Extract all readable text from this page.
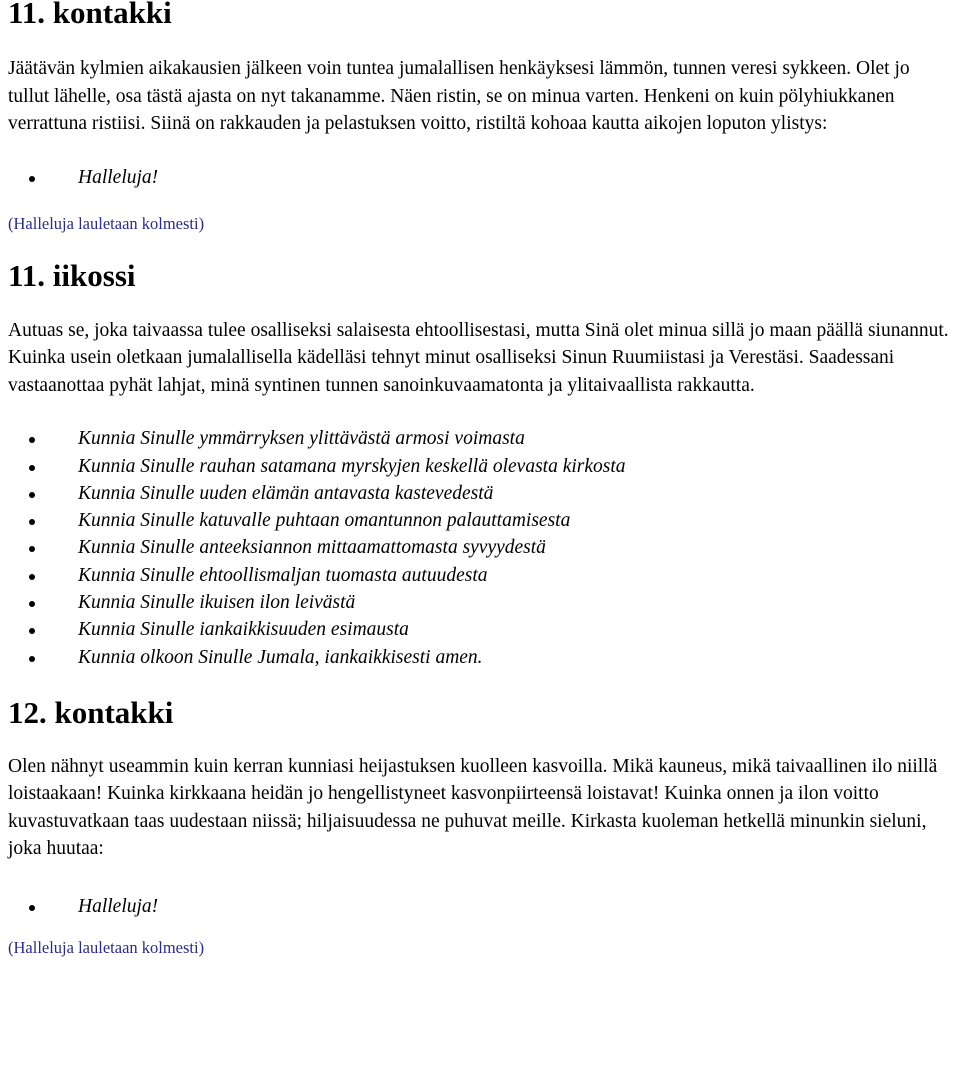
11. kontakki

Jäätävän kylmien aikakausien jälkeen voin tuntea jumalallisen henkäyksesi lämmön, tunnen veresi sykkeen. Olet jo tullut lähelle, osa tästä ajasta on nyt takanamme. Näen ristin, se on minua varten. Henkeni on kuin pölyhiukkanen verrattuna ristiisi. Siinä on rakkauden ja pelastuksen voitto, ristiltä kohoaa kautta aikojen loputon ylistys:

Halleluja!

(Halleluja lauletaan kolmesti)

11. iikossi

Autuas se, joka taivaassa tulee osalliseksi salaisesta ehtoollisestasi, mutta Sinä olet minua sillä jo maan päällä siunannut. Kuinka usein oletkaan jumalallisella kädelläsi tehnyt minut osalliseksi Sinun Ruumiistasi ja Verestäsi. Saadessani vastaanottaa pyhät lahjat, minä syntinen tunnen sanoinkuvaamatonta ja ylitaivaallista rakkautta.

Kunnia Sinulle ymmärryksen ylittävästä armosi voimasta
Kunnia Sinulle rauhan satamana myrskyjen keskellä olevasta kirkosta
Kunnia Sinulle uuden elämän antavasta kastevedestä
Kunnia Sinulle katuvalle puhtaan omantunnon palauttamisesta
Kunnia Sinulle anteeksiannon mittaamattomasta syvyydestä
Kunnia Sinulle ehtoollismaljan tuomasta autuudesta
Kunnia Sinulle ikuisen ilon leivästä
Kunnia Sinulle iankaikkisuuden esimausta
Kunnia olkoon Sinulle Jumala, iankaikkisesti amen.
12. kontakki

Olen nähnyt useammin kuin kerran kunniasi heijastuksen kuolleen kasvoilla. Mikä kauneus, mikä taivaallinen ilo niillä loistaakaan! Kuinka kirkkaana heidän jo hengellistyneet kasvonpiirteensä loistavat! Kuinka onnen ja ilon voitto kuvastuvatkaan taas uudestaan niissä; hiljaisuudessa ne puhuvat meille. Kirkasta kuoleman hetkellä minunkin sieluni, joka huutaa:

Halleluja!

(Halleluja lauletaan kolmesti)
